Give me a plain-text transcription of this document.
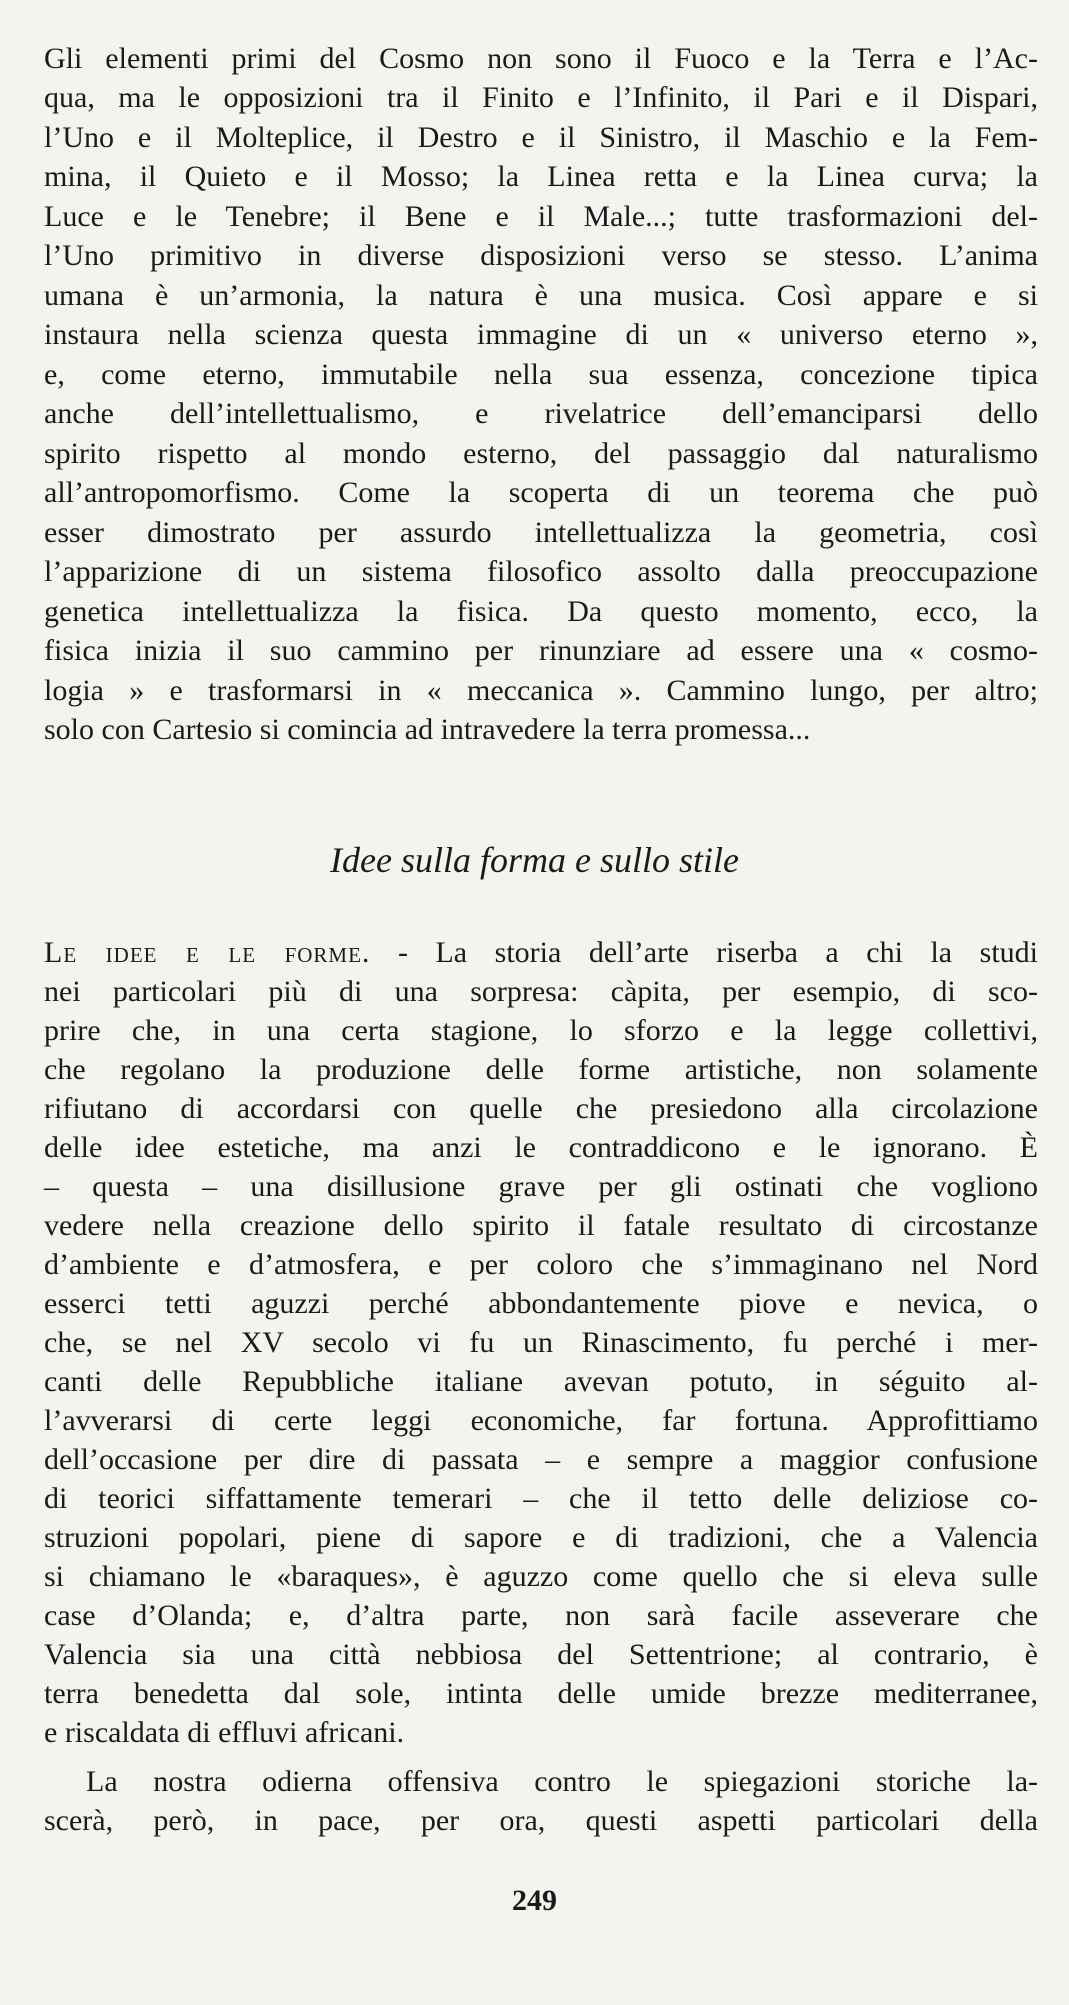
Gli elementi primi del Cosmo non sono il Fuoco e la Terra e l’Ac-
qua, ma le opposizioni tra il Finito e l’Infinito, il Pari e il Dispari,
l’Uno e il Molteplice, il Destro e il Sinistro, il Maschio e la Fem-
mina, il Quieto e il Mosso; la Linea retta e la Linea curva; la
Luce e le Tenebre; il Bene e il Male...; tutte trasformazioni del-
l’Uno primitivo in diverse disposizioni verso se stesso. L’anima
umana è un’armonia, la natura è una musica. Così appare e si
instaura nella scienza questa immagine di un « universo eterno »,
e, come eterno, immutabile nella sua essenza, concezione tipica
anche dell’intellettualismo, e rivelatrice dell’emanciparsi dello
spirito rispetto al mondo esterno, del passaggio dal naturalismo
all’antropomorfismo. Come la scoperta di un teorema che può
esser dimostrato per assurdo intellettualizza la geometria, così
l’apparizione di un sistema filosofico assolto dalla preoccupazione
genetica intellettualizza la fisica. Da questo momento, ecco, la
fisica inizia il suo cammino per rinunziare ad essere una « cosmo-
logia » e trasformarsi in « meccanica ». Cammino lungo, per altro;
solo con Cartesio si comincia ad intravedere la terra promessa...
Idee sulla forma e sullo stile
Le idee e le forme. - La storia dell’arte riserba a chi la studi
nei particolari più di una sorpresa: càpita, per esempio, di sco-
prire che, in una certa stagione, lo sforzo e la legge collettivi,
che regolano la produzione delle forme artistiche, non solamente
rifiutano di accordarsi con quelle che presiedono alla circolazione
delle idee estetiche, ma anzi le contraddicono e le ignorano. È
– questa – una disillusione grave per gli ostinati che vogliono
vedere nella creazione dello spirito il fatale resultato di circostanze
d’ambiente e d’atmosfera, e per coloro che s’immaginano nel Nord
esserci tetti aguzzi perché abbondantemente piove e nevica, o
che, se nel XV secolo vi fu un Rinascimento, fu perché i mer-
canti delle Repubbliche italiane avevan potuto, in séguito al-
l’avverarsi di certe leggi economiche, far fortuna. Approfittiamo
dell’occasione per dire di passata – e sempre a maggior confusione
di teorici siffattamente temerari – che il tetto delle deliziose co-
struzioni popolari, piene di sapore e di tradizioni, che a Valencia
si chiamano le «baraques», è aguzzo come quello che si eleva sulle
case d’Olanda; e, d’altra parte, non sarà facile asseverare che
Valencia sia una città nebbiosa del Settentrione; al contrario, è
terra benedetta dal sole, intinta delle umide brezze mediterranee,
e riscaldata di effluvi africani.
La nostra odierna offensiva contro le spiegazioni storiche la-
scerà, però, in pace, per ora, questi aspetti particolari della
249
